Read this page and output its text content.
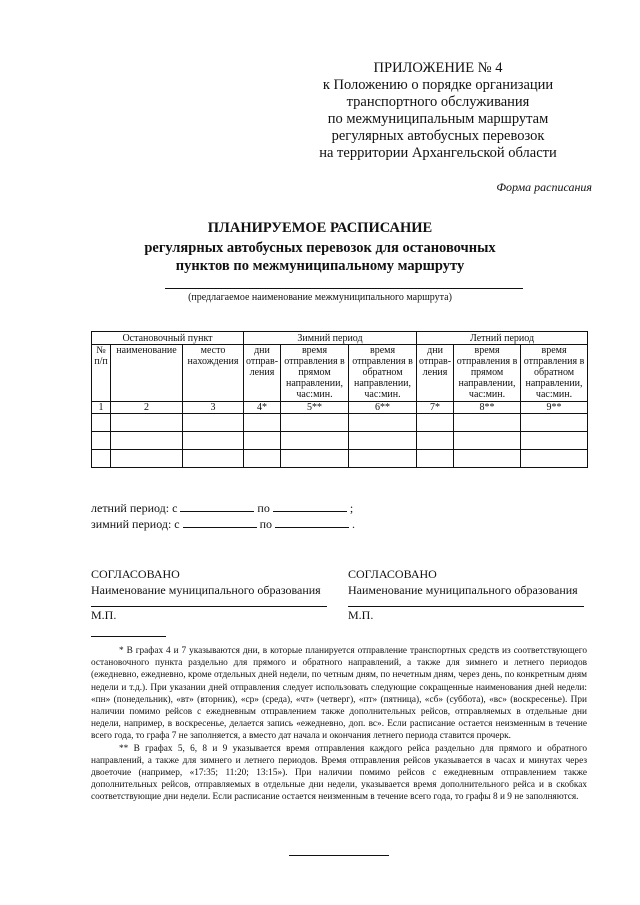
ПРИЛОЖЕНИЕ № 4
к Положению о порядке организации
транспортного обслуживания
по межмуниципальным маршрутам
регулярных автобусных перевозок
на территории Архангельской области
Форма расписания
ПЛАНИРУЕМОЕ РАСПИСАНИЕ
регулярных автобусных перевозок для остановочных
пунктов по межмуниципальному маршруту
(предлагаемое наименование межмуниципального маршрута)
Остановочный пункт			Зимний период			Летний период		
№ п/п	наименование	место нахождения	дни отправ-ления	время отправления в прямом направлении, час:мин.	время отправления в обратном направлении, час:мин.	дни отправ-ления	время отправления в прямом направлении, час:мин.	время отправления в обратном направлении, час:мин.
1	2	3	4*	5**	6**	7*	8**	9**

летний период: с	по	;
зимний период: с	по	.
СОГЛАСОВАНО
Наименование муниципального образования
М.П.
СОГЛАСОВАНО
Наименование муниципального образования
М.П.

* В графах 4 и 7 указываются дни, в которые планируется отправление транспортных средств из соответствующего остановочного пункта раздельно для прямого и обратного направлений, а также для зимнего и летнего периодов (ежедневно, ежедневно, кроме отдельных дней недели, по четным дням, по нечетным дням, через день, по конкретным дням недели и т.д.). При указании дней отправления следует использовать следующие сокращенные наименования дней недели: «пн» (понедельник), «вт» (вторник), «ср» (среда), «чт» (четверг), «пт» (пятница), «сб» (суббота), «вс» (воскресенье). При наличии помимо рейсов с ежедневным отправлением также дополнительных рейсов, отправляемых в отдельные дни недели, например, в воскресенье, делается запись «ежедневно, доп. вс». Если расписание остается неизменным в течение всего года, то графа 7 не заполняется, а вместо дат начала и окончания летнего периода ставится прочерк.

** В графах 5, 6, 8 и 9 указывается время отправления каждого рейса раздельно для прямого и обратного направлений, а также для зимнего и летнего периодов. Время отправления рейсов указывается в часах и минутах через двоеточие (например, «17:35; 11:20; 13:15»). При наличии помимо рейсов с ежедневным отправлением также дополнительных рейсов, отправляемых в отдельные дни недели, указывается время дополнительного рейса и в скобках соответствующие дни недели. Если расписание остается неизменным в течение всего года, то графы 8 и 9 не заполняются.
